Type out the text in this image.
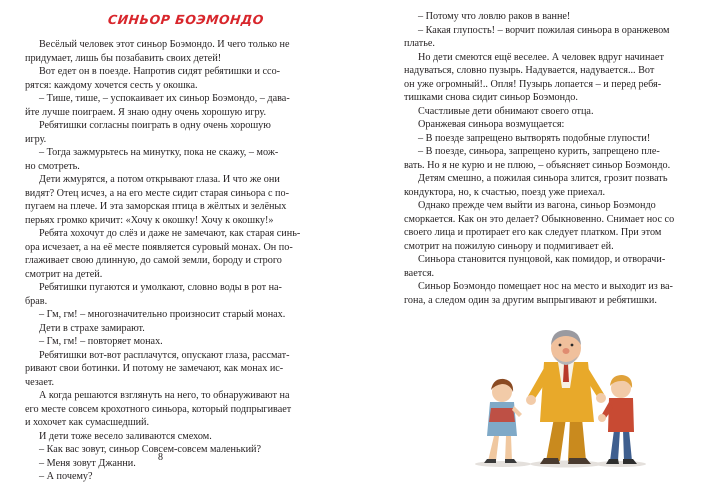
СИНЬОР БОЭМОНДО

Весёлый человек этот синьор Боэмондо. И чего только не

придумает, лишь бы позабавить своих детей!

Вот едет он в поезде. Напротив сидят ребятишки и ссо-

рятся: каждому хочется сесть у окошка.

– Тише, тише, – успокаивает их синьор Боэмондо, – дава-

йте лучше поиграем. Я знаю одну очень хорошую игру.

Ребятишки согласны поиграть в одну очень хорошую

игру.

– Тогда зажмурьтесь на минутку, пока не скажу, – мож-

но смотреть.

Дети жмурятся, а потом открывают глаза. И что же они

видят? Отец исчез, а на его месте сидит старая синьора с по-

пугаем на плече. И эта заморская птица в жёлтых и зелёных

перьях громко кричит: «Хочу к окошку! Хочу к окошку!»

Ребята хохочут до слёз и даже не замечают, как старая синь-

ора исчезает, а на её месте появляется суровый монах. Он по-

глаживает свою длинную, до самой земли, бороду и строго

смотрит на детей.

Ребятишки пугаются и умолкают, словно воды в рот на-

брав.

– Гм, гм! – многозначительно произносит старый монах.

Дети в страхе замирают.

– Гм, гм! – повторяет монах.

Ребятишки вот-вот расплачутся, опускают глаза, рассмат-

ривают свои ботинки. И потому не замечают, как монах ис-

чезает.

А когда решаются взглянуть на него, то обнаруживают на

его месте совсем крохотного синьора, который подпрыгивает

и хохочет как сумасшедший.

И дети тоже весело заливаются смехом.

– Как вас зовут, синьор Совсем-совсем маленький?

– Меня зовут Джанни.

– А почему?

8

– Потому что ловлю раков в ванне!

– Какая глупость! – ворчит пожилая синьора в оранжевом

платье.

Но дети смеются ещё веселее. А человек вдруг начинает

надуваться, словно пузырь. Надувается, надувается... Вот

он уже огромный!.. Опля! Пузырь лопается – и перед ребя-

тишками снова сидит синьор Боэмондо.

Счастливые дети обнимают своего отца.

Оранжевая синьора возмущается:

– В поезде запрещено вытворять подобные глупости!

– В поезде, синьора, запрещено курить, запрещено пле-

вать. Но я не курю и не плюю, – объясняет синьор Боэмондо.

Детям смешно, а пожилая синьора злится, грозит позвать

кондуктора, но, к счастью, поезд уже приехал.

Однако прежде чем выйти из вагона, синьор Боэмондо

сморкается. Как он это делает? Обыкновенно. Снимает нос со

своего лица и протирает его как следует платком. При этом

смотрит на пожилую синьору и подмигивает ей.

Синьора становится пунцовой, как помидор, и отворачи-

вается.

Синьор Боэмондо помещает нос на место и выходит из ва-

гона, а следом один за другим выпрыгивают и ребятишки.
